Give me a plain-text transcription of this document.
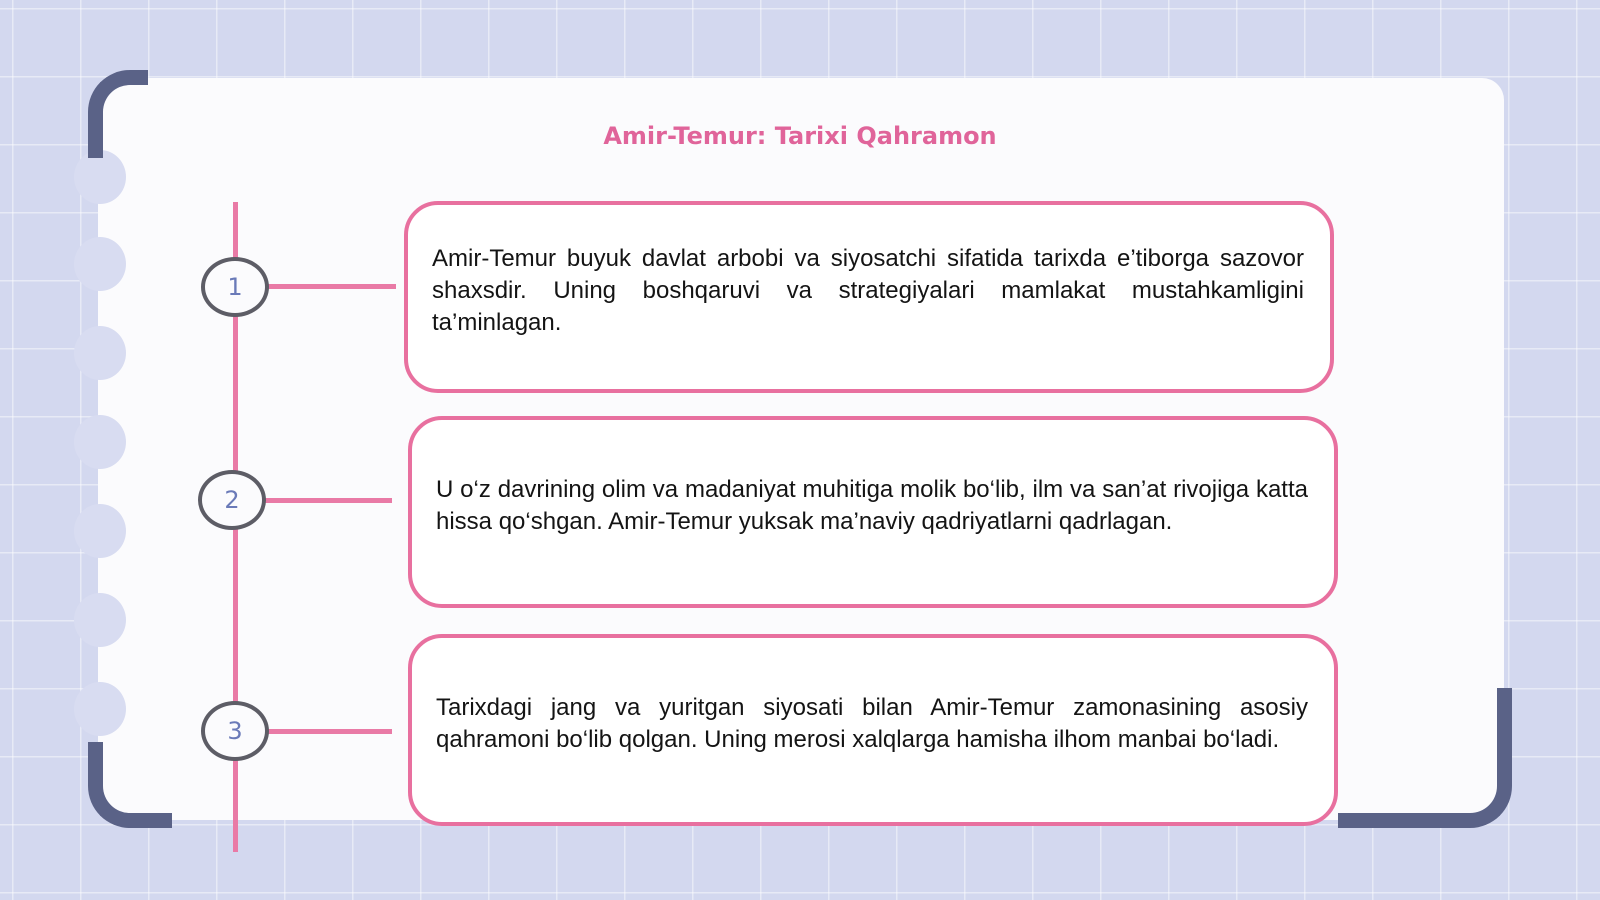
Amir-Temur: Tarixi Qahramon
1
2
3

Amir-Temur buyuk davlat arbobi va siyosatchi sifatida tarixda e’tiborga sazovor shaxsdir. Uning boshqaruvi va strategiyalari mamlakat mustahkamligini ta’minlagan.

U o‘z davrining olim va madaniyat muhitiga molik bo‘lib, ilm va san’at rivojiga katta hissa qo‘shgan. Amir-Temur yuksak ma’naviy qadriyatlarni qadrlagan.

Tarixdagi jang va yuritgan siyosati bilan Amir-Temur zamonasining asosiy qahramoni bo‘lib qolgan. Uning merosi xalqlarga hamisha ilhom manbai bo‘ladi.
